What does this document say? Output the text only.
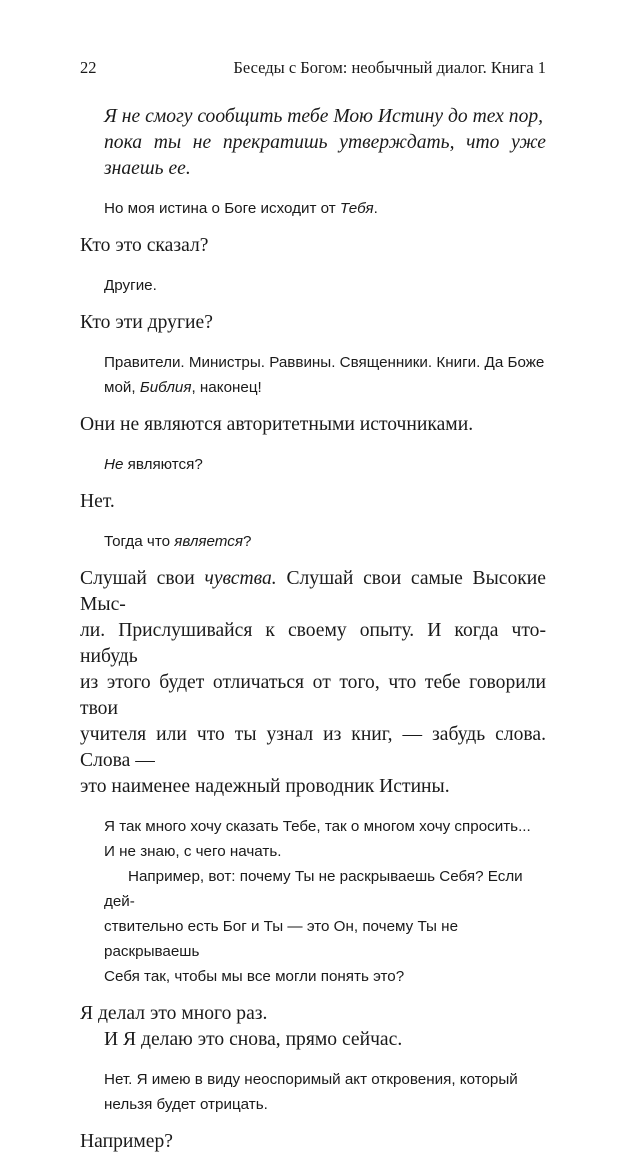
22	Беседы с Богом: необычный диалог. Книга 1

Я не смогу сообщить тебе Мою Истину до тех пор,
пока ты не прекратишь утверждать, что уже знаешь ее.

Но моя истина о Боге исходит от Тебя.

Кто это сказал?

Другие.

Кто эти другие?

Правители. Министры. Раввины. Священники. Книги. Да Боже
мой, Библия, наконец!

Они не являются авторитетными источниками.

Не являются?

Нет.

Тогда что является?

Слушай свои чувства. Слушай свои самые Высокие Мыс-
ли. Прислушивайся к своему опыту. И когда что-нибудь
из этого будет отличаться от того, что тебе говорили твои
учителя или что ты узнал из книг, — забудь слова. Слова —
это наименее надежный проводник Истины.

Я так много хочу сказать Тебе, так о многом хочу спросить...
И не знаю, с чего начать.

Например, вот: почему Ты не раскрываешь Себя? Если дей-
ствительно есть Бог и Ты — это Он, почему Ты не раскрываешь
Себя так, чтобы мы все могли понять это?

Я делал это много раз.
И Я делаю это снова, прямо сейчас.

Нет. Я имею в виду неоспоримый акт откровения, который
нельзя будет отрицать.

Например?
